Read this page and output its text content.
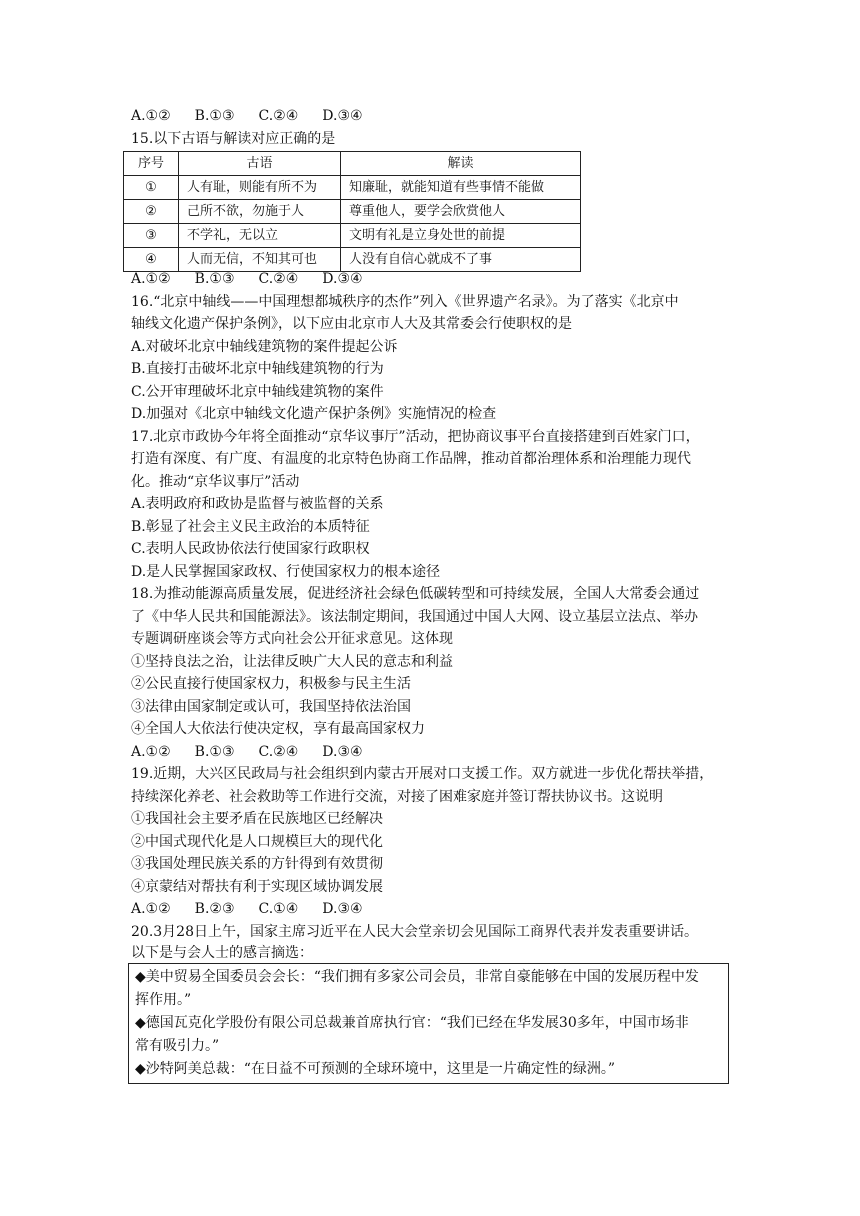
A.①② B.①③ C.②④ D.③④
15.以下古语与解读对应正确的是
序号	古语	解读
①	人有耻，则能有所不为	知廉耻，就能知道有些事情不能做
②	己所不欲，勿施于人	尊重他人，要学会欣赏他人
③	不学礼，无以立	文明有礼是立身处世的前提
④	人而无信，不知其可也	人没有自信心就成不了事
A.①② B.①③ C.②④ D.③④
16.“北京中轴线——中国理想都城秩序的杰作”列入《世界遗产名录》。为了落实《北京中
轴线文化遗产保护条例》，以下应由北京市人大及其常委会行使职权的是
A.对破坏北京中轴线建筑物的案件提起公诉
B.直接打击破坏北京中轴线建筑物的行为
C.公开审理破坏北京中轴线建筑物的案件
D.加强对《北京中轴线文化遗产保护条例》实施情况的检查
17.北京市政协今年将全面推动“京华议事厅”活动，把协商议事平台直接搭建到百姓家门口，
打造有深度、有广度、有温度的北京特色协商工作品牌，推动首都治理体系和治理能力现代
化。推动“京华议事厅”活动
A.表明政府和政协是监督与被监督的关系
B.彰显了社会主义民主政治的本质特征
C.表明人民政协依法行使国家行政职权
D.是人民掌握国家政权、行使国家权力的根本途径
18.为推动能源高质量发展，促进经济社会绿色低碳转型和可持续发展，全国人大常委会通过
了《中华人民共和国能源法》。该法制定期间，我国通过中国人大网、设立基层立法点、举办
专题调研座谈会等方式向社会公开征求意见。这体现
①坚持良法之治，让法律反映广大人民的意志和利益
②公民直接行使国家权力，积极参与民主生活
③法律由国家制定或认可，我国坚持依法治国
④全国人大依法行使决定权，享有最高国家权力
A.①② B.①③ C.②④ D.③④
19.近期，大兴区民政局与社会组织到内蒙古开展对口支援工作。双方就进一步优化帮扶举措，
持续深化养老、社会救助等工作进行交流，对接了困难家庭并签订帮扶协议书。这说明
①我国社会主要矛盾在民族地区已经解决
②中国式现代化是人口规模巨大的现代化
③我国处理民族关系的方针得到有效贯彻
④京蒙结对帮扶有利于实现区域协调发展
A.①② B.②③ C.①④ D.③④
20.3月28日上午，国家主席习近平在人民大会堂亲切会见国际工商界代表并发表重要讲话。
以下是与会人士的感言摘选：

◆美中贸易全国委员会会长：“我们拥有多家公司会员，非常自豪能够在中国的发展历程中发

挥作用。”

◆德国瓦克化学股份有限公司总裁兼首席执行官：“我们已经在华发展30多年，中国市场非

常有吸引力。”

◆沙特阿美总裁：“在日益不可预测的全球环境中，这里是一片确定性的绿洲。”
